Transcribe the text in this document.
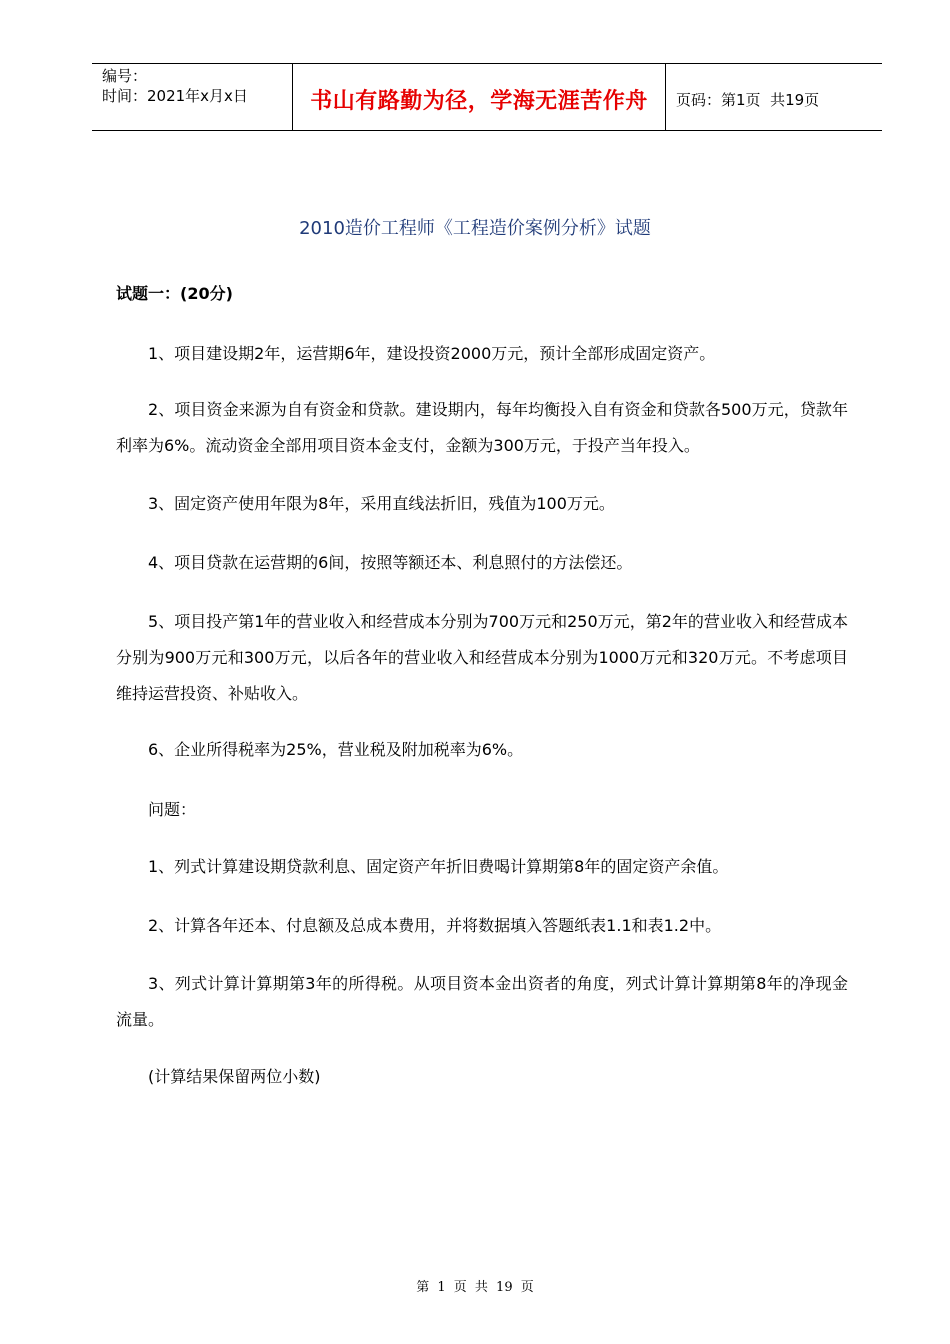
编号：
时间：2021年x月x日	书山有路勤为径，学海无涯苦作舟	页码：第1页  共19页
2010造价工程师《工程造价案例分析》试题
试题一：(20分)

1、项目建设期2年，运营期6年，建设投资2000万元，预计全部形成固定资产。

2、项目资金来源为自有资金和贷款。建设期内，每年均衡投入自有资金和贷款各500万元，贷款年利率为6%。流动资金全部用项目资本金支付，金额为300万元，于投产当年投入。

3、固定资产使用年限为8年，采用直线法折旧，残值为100万元。

4、项目贷款在运营期的6间，按照等额还本、利息照付的方法偿还。

5、项目投产第1年的营业收入和经营成本分别为700万元和250万元，第2年的营业收入和经营成本分别为900万元和300万元，以后各年的营业收入和经营成本分别为1000万元和320万元。不考虑项目维持运营投资、补贴收入。

6、企业所得税率为25%，营业税及附加税率为6%。

问题：

1、列式计算建设期贷款利息、固定资产年折旧费喝计算期第8年的固定资产余值。

2、计算各年还本、付息额及总成本费用，并将数据填入答题纸表1.1和表1.2中。

3、列式计算计算期第3年的所得税。从项目资本金出资者的角度，列式计算计算期第8年的净现金流量。

(计算结果保留两位小数)

第 1 页 共 19 页
